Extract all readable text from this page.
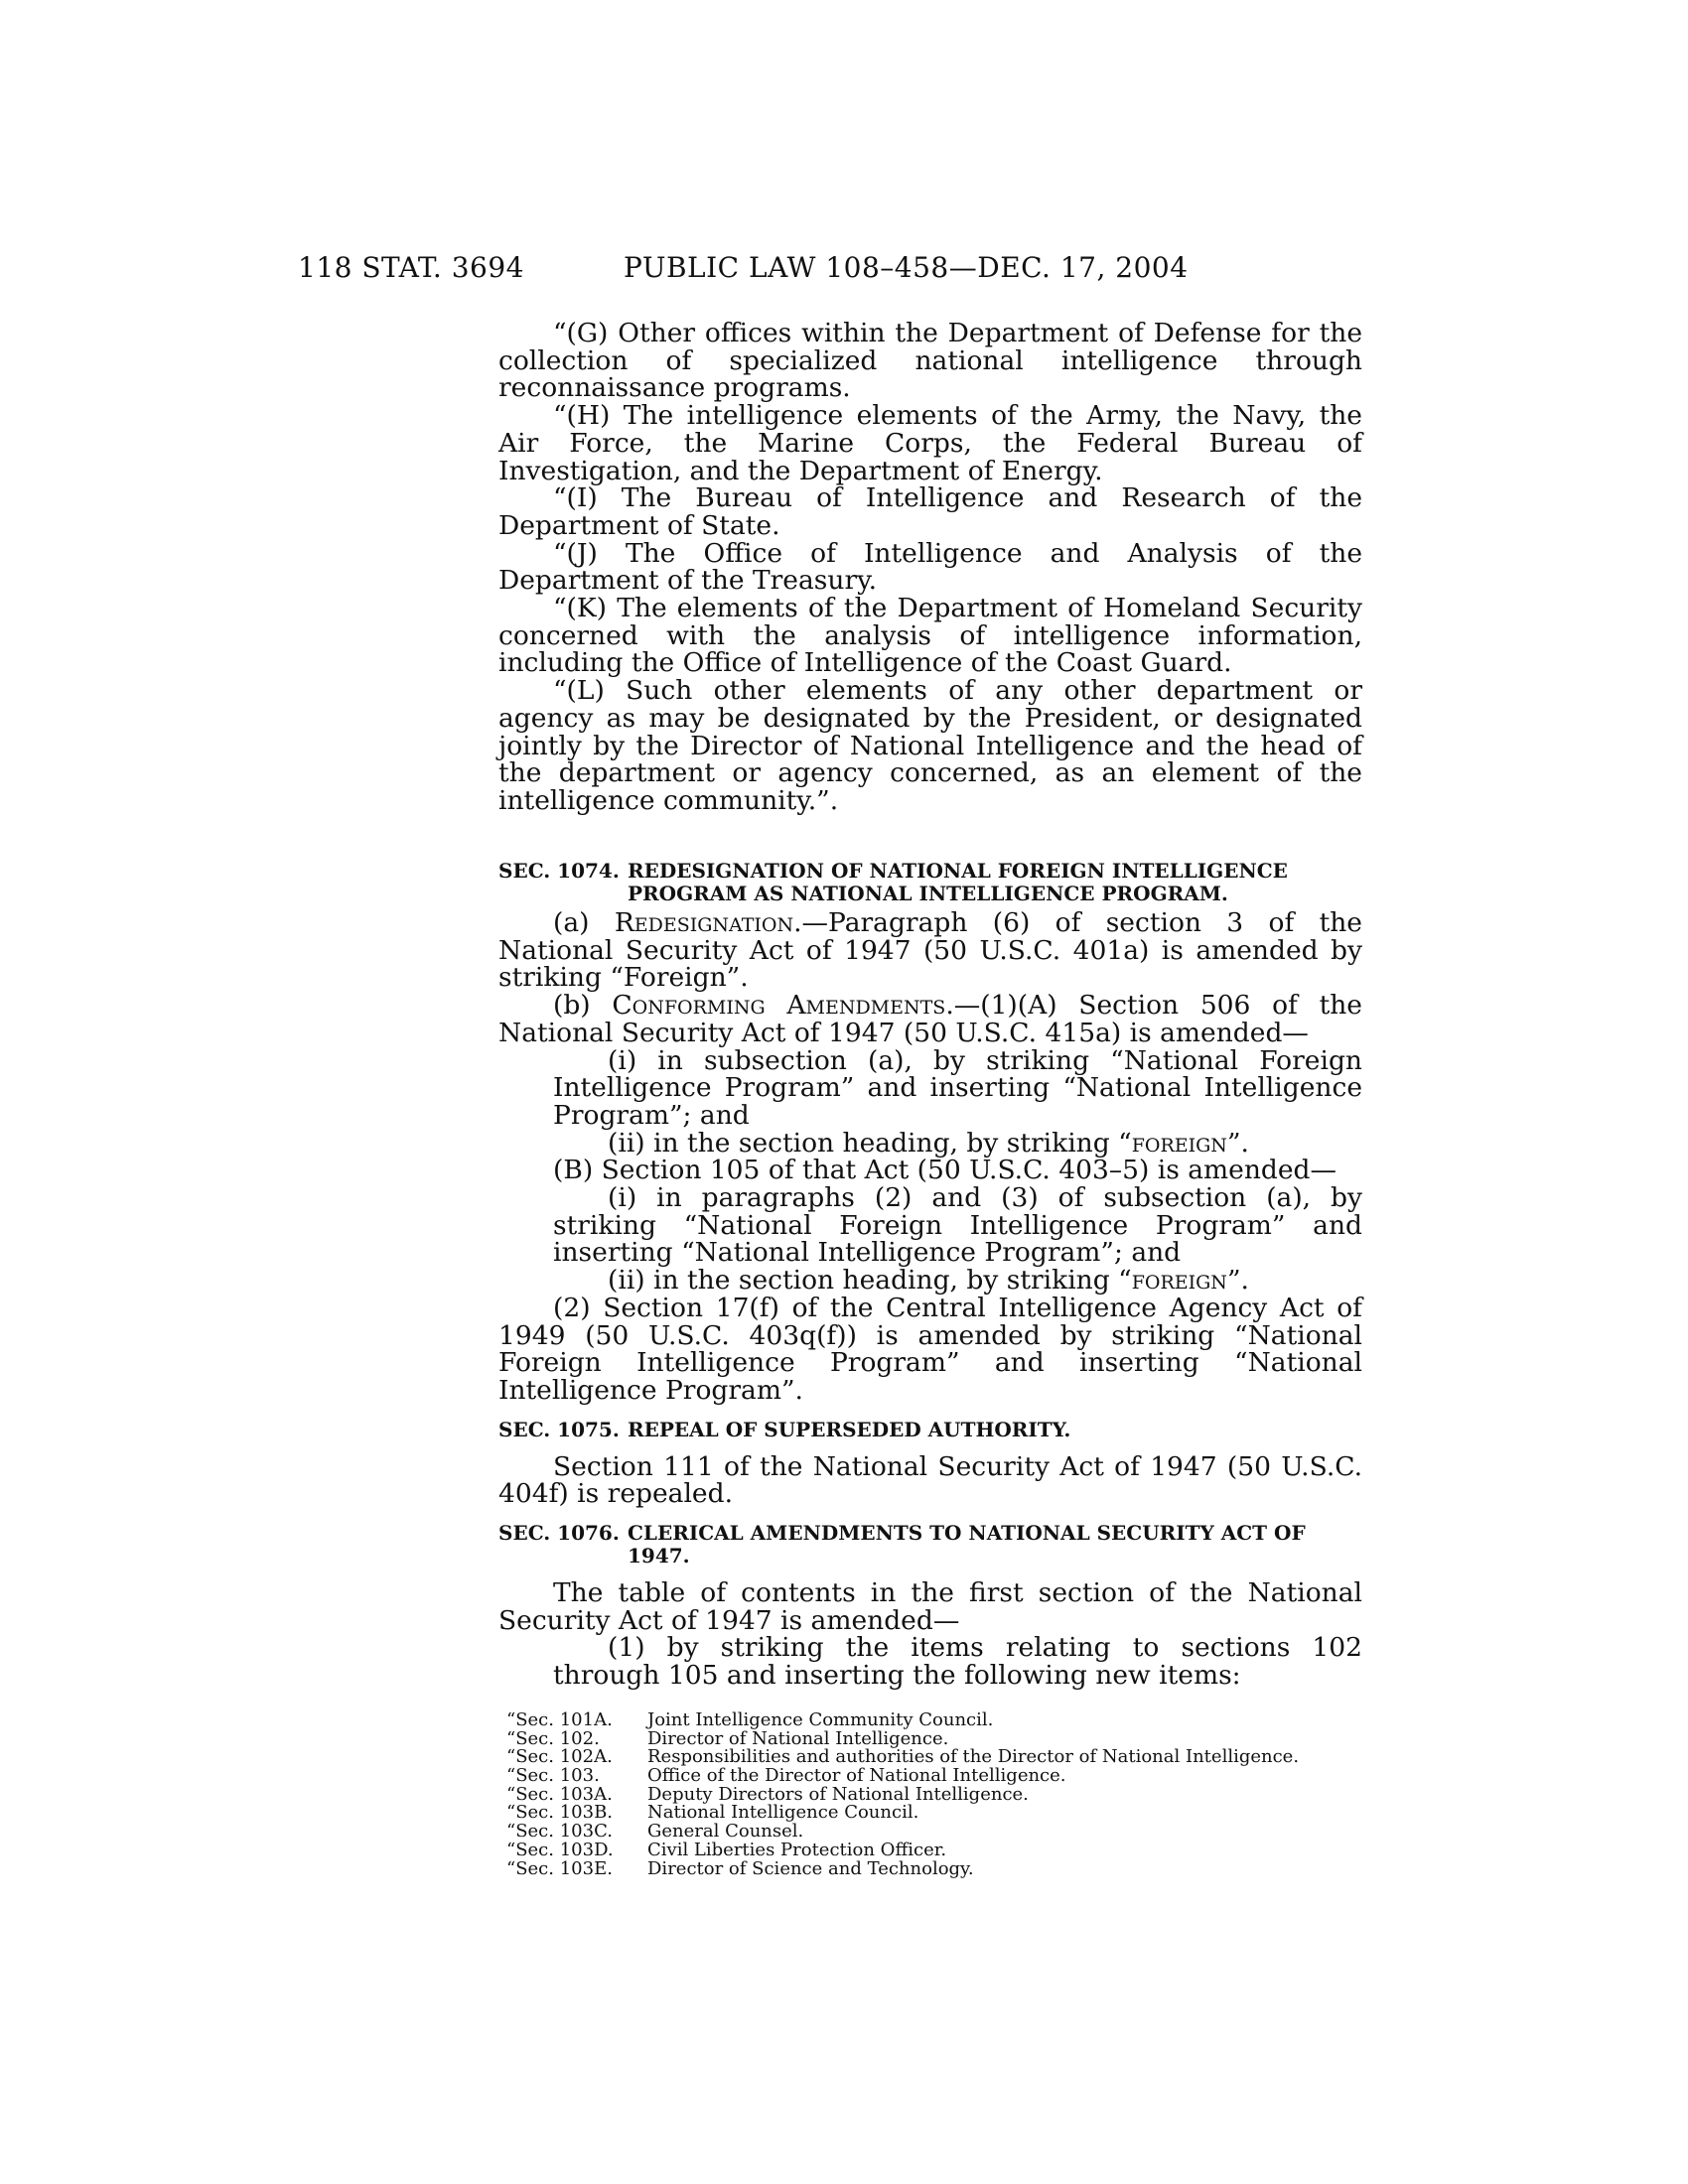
118 STAT. 3694	PUBLIC LAW 108–458—DEC. 17, 2004

“(G) Other offices within the Department of Defense for the collection of specialized national intelligence through reconnaissance programs.

“(H) The intelligence elements of the Army, the Navy, the Air Force, the Marine Corps, the Federal Bureau of Investigation, and the Department of Energy.

“(I) The Bureau of Intelligence and Research of the Department of State.

“(J) The Office of Intelligence and Analysis of the Department of the Treasury.

“(K) The elements of the Department of Homeland Security concerned with the analysis of intelligence information, including the Office of Intelligence of the Coast Guard.

“(L) Such other elements of any other department or agency as may be designated by the President, or designated jointly by the Director of National Intelligence and the head of the department or agency concerned, as an element of the intelligence community.”.

SEC. 1074. REDESIGNATION OF NATIONAL FOREIGN INTELLIGENCE PROGRAM AS NATIONAL INTELLIGENCE PROGRAM.

(a) Redesignation.—Paragraph (6) of section 3 of the National Security Act of 1947 (50 U.S.C. 401a) is amended by striking “Foreign”.

(b) Conforming Amendments.—(1)(A) Section 506 of the National Security Act of 1947 (50 U.S.C. 415a) is amended—

(i) in subsection (a), by striking “National Foreign Intelligence Program” and inserting “National Intelligence Program”; and

(ii) in the section heading, by striking “foreign”.

(B) Section 105 of that Act (50 U.S.C. 403–5) is amended—

(i) in paragraphs (2) and (3) of subsection (a), by striking “National Foreign Intelligence Program” and inserting “National Intelligence Program”; and

(ii) in the section heading, by striking “foreign”.

(2) Section 17(f) of the Central Intelligence Agency Act of 1949 (50 U.S.C. 403q(f)) is amended by striking “National Foreign Intelligence Program” and inserting “National Intelligence Program”.

SEC. 1075. REPEAL OF SUPERSEDED AUTHORITY.

Section 111 of the National Security Act of 1947 (50 U.S.C. 404f) is repealed.

SEC. 1076. CLERICAL AMENDMENTS TO NATIONAL SECURITY ACT OF 1947.

The table of contents in the first section of the National Security Act of 1947 is amended—

(1) by striking the items relating to sections 102 through 105 and inserting the following new items:

“Sec. 101A. Joint Intelligence Community Council.
“Sec. 102.	Director of National Intelligence.
“Sec. 102A. Responsibilities and authorities of the Director of National Intelligence.
“Sec. 103.	Office of the Director of National Intelligence.
“Sec. 103A. Deputy Directors of National Intelligence.
“Sec. 103B. National Intelligence Council.
“Sec. 103C. General Counsel.
“Sec. 103D. Civil Liberties Protection Officer.
“Sec. 103E. Director of Science and Technology.
